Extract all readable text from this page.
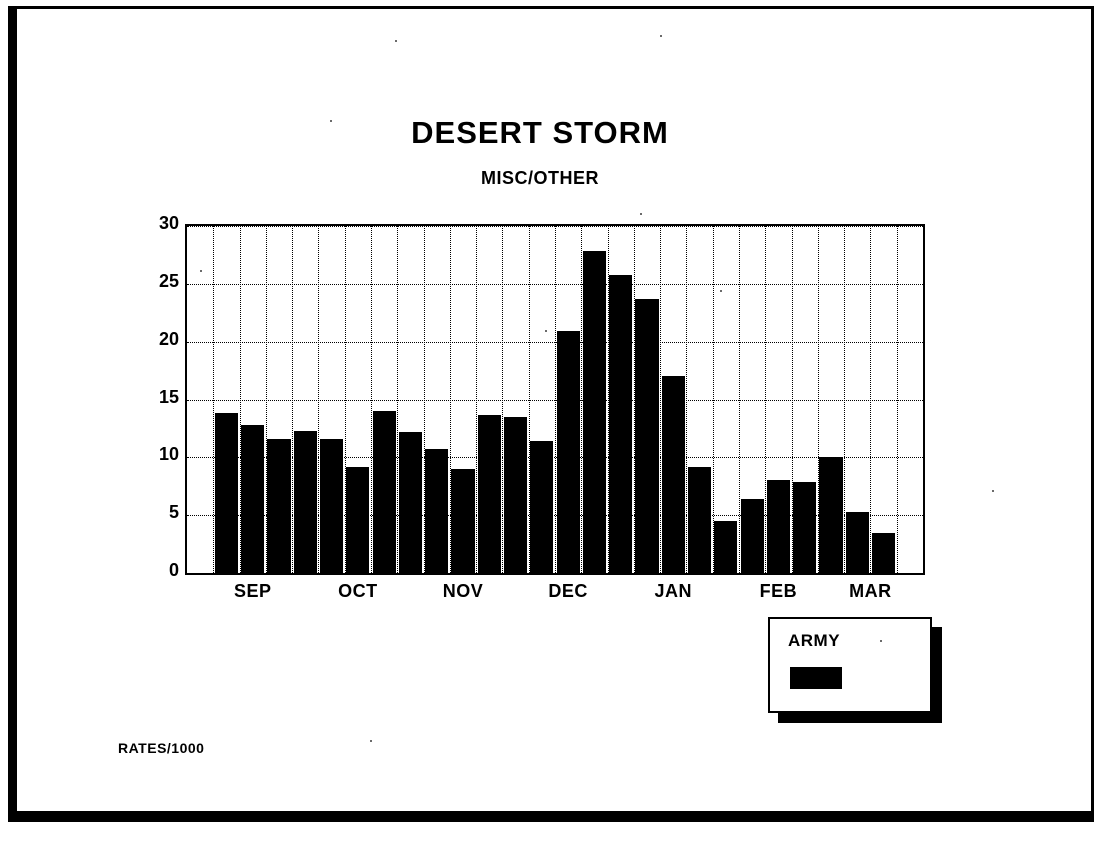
DESERT STORM
MISC/OTHER
0
5
10
15
20
25
30
SEP	OCT	NOV	DEC	JAN	FEB	MAR
ARMY
RATES/1000
